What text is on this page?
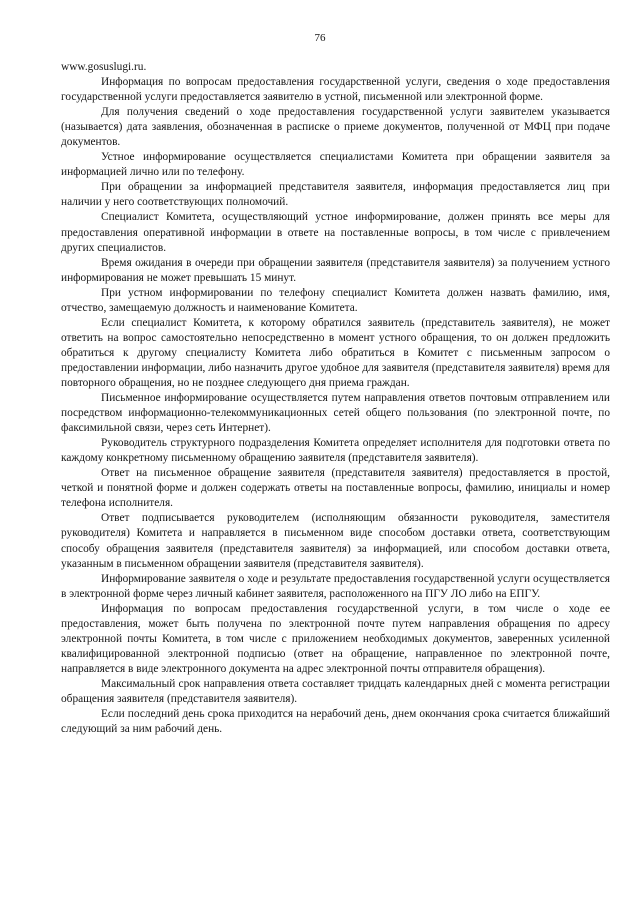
76

www.gosuslugi.ru.

Информация по вопросам предоставления государственной услуги, сведения о ходе предоставления государственной услуги предоставляется заявителю в устной, письменной или электронной форме.

Для получения сведений о ходе предоставления государственной услуги заявителем указывается (называется) дата заявления, обозначенная в расписке о приеме документов, полученной от МФЦ при подаче документов.

Устное информирование осуществляется специалистами Комитета при обращении заявителя за информацией лично или по телефону.

При обращении за информацией представителя заявителя, информация предоставляется лиц при наличии у него соответствующих полномочий.

Специалист Комитета, осуществляющий устное информирование, должен принять все меры для предоставления оперативной информации в ответе на поставленные вопросы, в том числе с привлечением других специалистов.

Время ожидания в очереди при обращении заявителя (представителя заявителя) за получением устного информирования не может превышать 15 минут.

При устном информировании по телефону специалист Комитета должен назвать фамилию, имя, отчество, замещаемую должность и наименование Комитета.

Если специалист Комитета, к которому обратился заявитель (представитель заявителя), не может ответить на вопрос самостоятельно непосредственно в момент устного обращения, то он должен предложить обратиться к другому специалисту Комитета либо обратиться в Комитет с письменным запросом о предоставлении информации, либо назначить другое удобное для заявителя (представителя заявителя) время для повторного обращения, но не позднее следующего дня приема граждан.

Письменное информирование осуществляется путем направления ответов почтовым отправлением или посредством информационно-телекоммуникационных сетей общего пользования (по электронной почте, по факсимильной связи, через сеть Интернет).

Руководитель структурного подразделения Комитета определяет исполнителя для подготовки ответа по каждому конкретному письменному обращению заявителя (представителя заявителя).

Ответ на письменное обращение заявителя (представителя заявителя) предоставляется в простой, четкой и понятной форме и должен содержать ответы на поставленные вопросы, фамилию, инициалы и номер телефона исполнителя.

Ответ подписывается руководителем (исполняющим обязанности руководителя, заместителя руководителя) Комитета и направляется в письменном виде способом доставки ответа, соответствующим способу обращения заявителя (представителя заявителя) за информацией, или способом доставки ответа, указанным в письменном обращении заявителя (представителя заявителя).

Информирование заявителя о ходе и результате предоставления государственной услуги осуществляется в электронной форме через личный кабинет заявителя, расположенного на ПГУ ЛО либо на ЕПГУ.

Информация по вопросам предоставления государственной услуги, в том числе о ходе ее предоставления, может быть получена по электронной почте путем направления обращения по адресу электронной почты Комитета, в том числе с приложением необходимых документов, заверенных усиленной квалифицированной электронной подписью (ответ на обращение, направленное по электронной почте, направляется в виде электронного документа на адрес электронной почты отправителя обращения).

Максимальный срок направления ответа составляет тридцать календарных дней с момента регистрации обращения заявителя (представителя заявителя).

Если последний день срока приходится на нерабочий день, днем окончания срока считается ближайший следующий за ним рабочий день.
